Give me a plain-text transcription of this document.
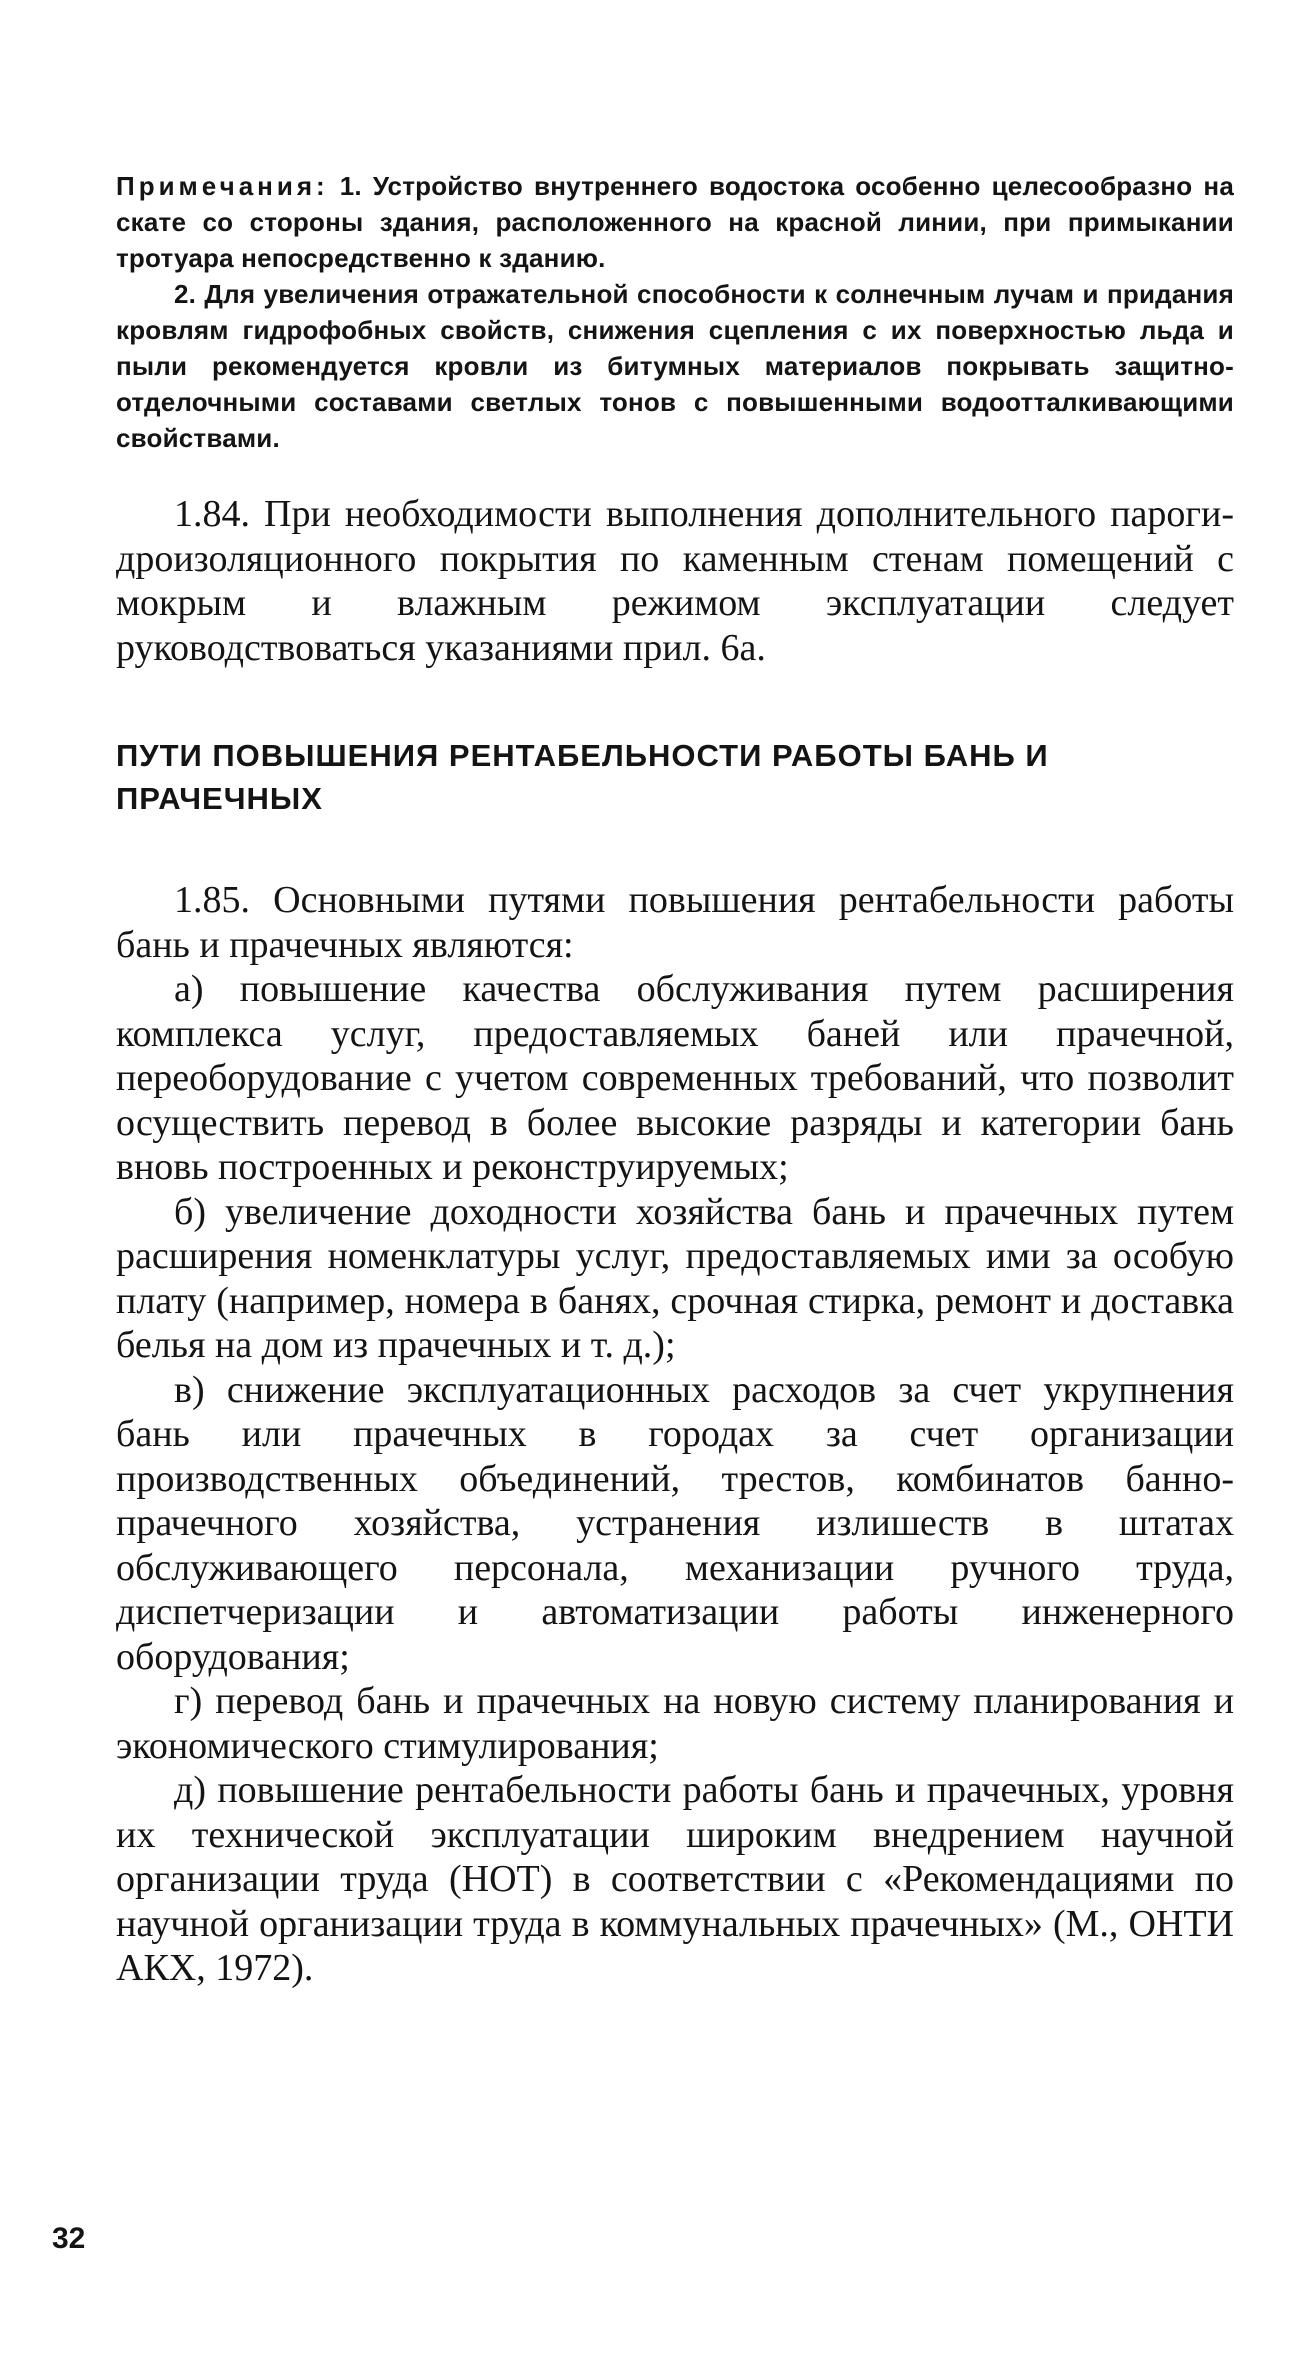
Примечания: 1. Устройство внутреннего водостока особенно целесообразно на скате со стороны здания, расположенного на красной линии, при примыкании тротуара непосредственно к зданию.

2. Для увеличения отражательной способности к солнечным лучам и придания кровлям гидрофобных свойств, снижения сцепления с их поверхностью льда и пыли рекомендуется кровли из битумных материалов покрывать защитно-отделочными составами светлых тонов с повышенными водоотталкивающими свойствами.

1.84. При необходимости выполнения дополнительного парогидроизоляционного покрытия по каменным стенам помещений с мокрым и влажным режимом эксплуатации следует руководствоваться указаниями прил. 6а.

ПУТИ ПОВЫШЕНИЯ РЕНТАБЕЛЬНОСТИ РАБОТЫ БАНЬ И ПРАЧЕЧНЫХ

1.85. Основными путями повышения рентабельности работы бань и прачечных являются:

а) повышение качества обслуживания путем расширения комплекса услуг, предоставляемых баней или прачечной, переоборудование с учетом современных требований, что позволит осуществить перевод в более высокие разряды и категории бань вновь построенных и реконструируемых;

б) увеличение доходности хозяйства бань и прачечных путем расширения номенклатуры услуг, предоставляемых ими за особую плату (например, номера в банях, срочная стирка, ремонт и доставка белья на дом из прачечных и т. д.);

в) снижение эксплуатационных расходов за счет укрупнения бань или прачечных в городах за счет организации производственных объединений, трестов, комбинатов банно-прачечного хозяйства, устранения излишеств в штатах обслуживающего персонала, механизации ручного труда, диспетчеризации и автоматизации работы инженерного оборудования;

г) перевод бань и прачечных на новую систему планирования и экономического стимулирования;

д) повышение рентабельности работы бань и прачечных, уровня их технической эксплуатации широким внедрением научной организации труда (НОТ) в соответствии с «Рекомендациями по научной организации труда в коммунальных прачечных» (М., ОНТИ АКХ, 1972).

32
